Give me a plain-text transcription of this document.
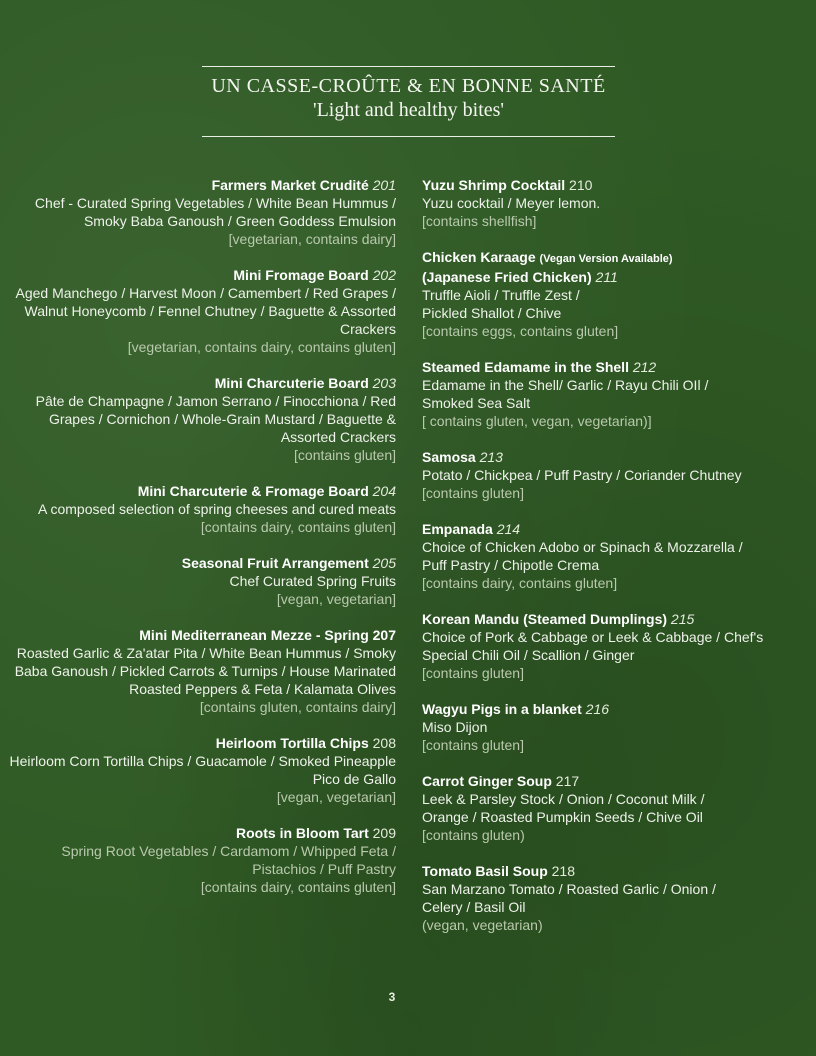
UN CASSE-CROÛTE & EN BONNE SANTÉ
'Light and healthy bites'
Farmers Market Crudité 201
Chef - Curated Spring Vegetables / White Bean Hummus / Smoky Baba Ganoush / Green Goddess Emulsion
[vegetarian, contains dairy]
Mini Fromage Board 202
Aged Manchego / Harvest Moon / Camembert / Red Grapes / Walnut Honeycomb / Fennel Chutney / Baguette & Assorted Crackers
[vegetarian, contains dairy, contains gluten]
Mini Charcuterie Board 203
Pâte de Champagne / Jamon Serrano / Finocchiona / Red Grapes / Cornichon / Whole-Grain Mustard / Baguette & Assorted Crackers
[contains gluten]
Mini Charcuterie & Fromage Board 204
A composed selection of spring cheeses and cured meats
[contains dairy, contains gluten]
Seasonal Fruit Arrangement 205
Chef Curated Spring Fruits
[vegan, vegetarian]
Mini Mediterranean Mezze - Spring 207
Roasted Garlic & Za'atar Pita / White Bean Hummus / Smoky Baba Ganoush / Pickled Carrots & Turnips / House Marinated Roasted Peppers & Feta / Kalamata Olives
[contains gluten, contains dairy]
Heirloom Tortilla Chips 208
Heirloom Corn Tortilla Chips / Guacamole / Smoked Pineapple Pico de Gallo
[vegan, vegetarian]
Roots in Bloom Tart 209
Spring Root Vegetables / Cardamom / Whipped Feta / Pistachios / Puff Pastry
[contains dairy, contains gluten]
Yuzu Shrimp Cocktail 210
Yuzu cocktail / Meyer lemon.
[contains shellfish]
Chicken Karaage (Vegan Version Available)
(Japanese Fried Chicken) 211
Truffle Aioli / Truffle Zest / Pickled Shallot / Chive
[contains eggs, contains gluten]
Steamed Edamame in the Shell 212
Edamame in the Shell/ Garlic / Rayu Chili OIl / Smoked Sea Salt
[ contains gluten, vegan, vegetarian)]
Samosa 213
Potato / Chickpea / Puff Pastry / Coriander Chutney
[contains gluten]
Empanada 214
Choice of Chicken Adobo or Spinach & Mozzarella / Puff Pastry / Chipotle Crema
[contains dairy, contains gluten]
Korean Mandu (Steamed Dumplings) 215
Choice of Pork & Cabbage or Leek & Cabbage / Chef's Special Chili Oil / Scallion / Ginger
[contains gluten]
Wagyu Pigs in a blanket 216
Miso Dijon
[contains gluten]
Carrot Ginger Soup 217
Leek & Parsley Stock / Onion / Coconut Milk / Orange / Roasted Pumpkin Seeds / Chive Oil
[contains gluten)
Tomato Basil Soup 218
San Marzano Tomato / Roasted Garlic / Onion / Celery / Basil Oil
(vegan, vegetarian)
3
